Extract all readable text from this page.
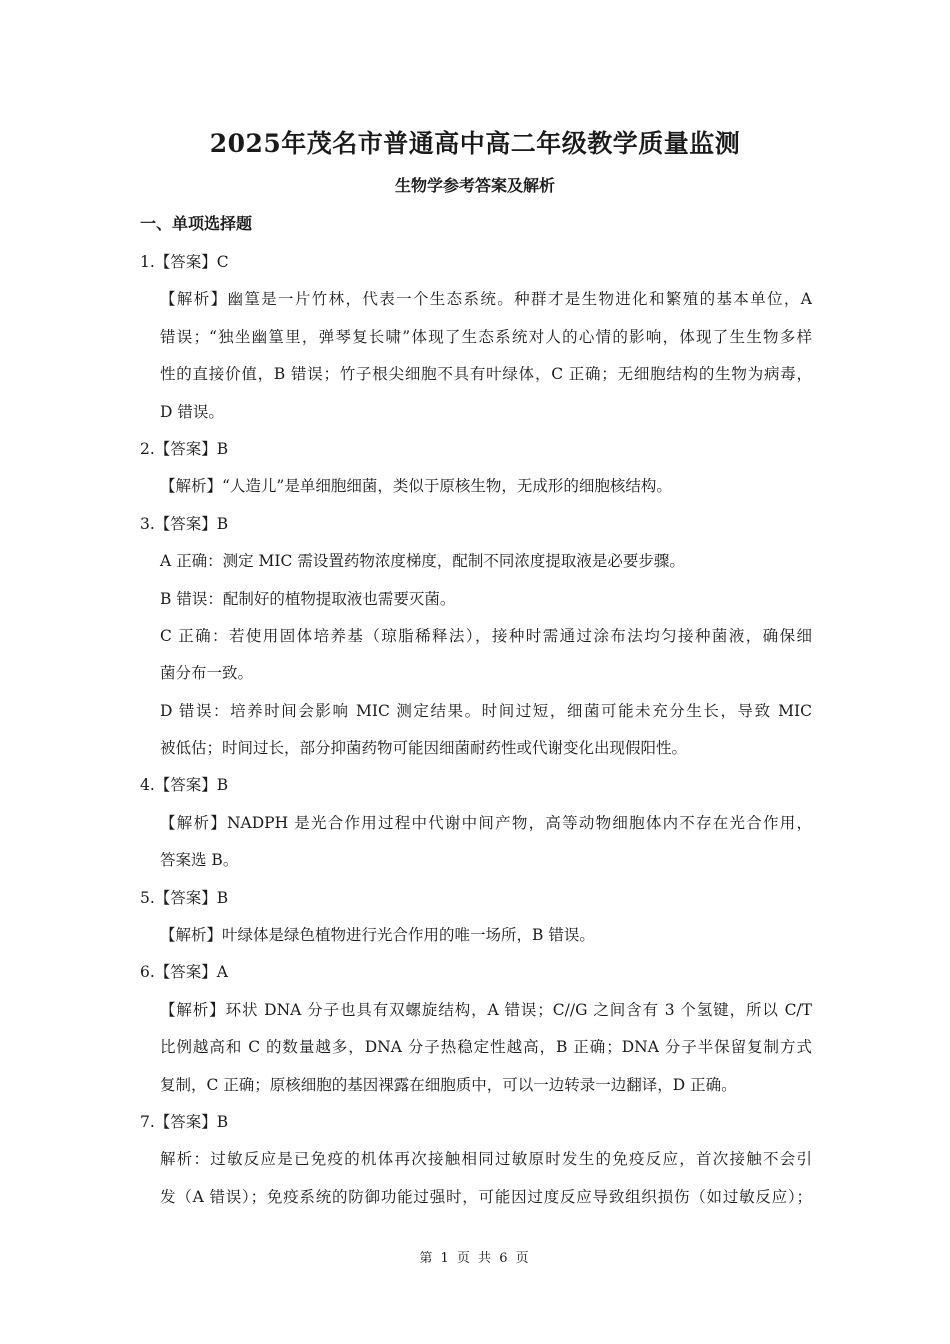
2025年茂名市普通高中高二年级教学质量监测
生物学参考答案及解析
一、单项选择题
1.【答案】C
【解析】幽篁是一片竹林，代表一个生态系统。种群才是生物进化和繁殖的基本单位，A
错误；“独坐幽篁里，弹琴复长啸”体现了生态系统对人的心情的影响，体现了生生物多样
性的直接价值，B 错误；竹子根尖细胞不具有叶绿体，C 正确；无细胞结构的生物为病毒，
D 错误。
2.【答案】B
【解析】“人造儿”是单细胞细菌，类似于原核生物，无成形的细胞核结构。
3.【答案】B
A 正确：测定 MIC 需设置药物浓度梯度，配制不同浓度提取液是必要步骤。
B 错误：配制好的植物提取液也需要灭菌。
C 正确：若使用固体培养基（琼脂稀释法），接种时需通过涂布法均匀接种菌液，确保细
菌分布一致。
D 错误：培养时间会影响 MIC 测定结果。时间过短，细菌可能未充分生长，导致 MIC
被低估；时间过长，部分抑菌药物可能因细菌耐药性或代谢变化出现假阳性。
4.【答案】B
【解析】NADPH 是光合作用过程中代谢中间产物，高等动物细胞体内不存在光合作用，
答案选 B。
5.【答案】B
【解析】叶绿体是绿色植物进行光合作用的唯一场所，B 错误。
6.【答案】A
【解析】环状 DNA 分子也具有双螺旋结构，A 错误；C//G 之间含有 3 个氢键，所以 C/T
比例越高和 C 的数量越多，DNA 分子热稳定性越高，B 正确；DNA 分子半保留复制方式
复制，C 正确；原核细胞的基因裸露在细胞质中，可以一边转录一边翻译，D 正确。
7.【答案】B
解析：过敏反应是已免疫的机体再次接触相同过敏原时发生的免疫反应，首次接触不会引
发（A 错误）；免疫系统的防御功能过强时，可能因过度反应导致组织损伤（如过敏反应）；
第 1 页 共 6 页
